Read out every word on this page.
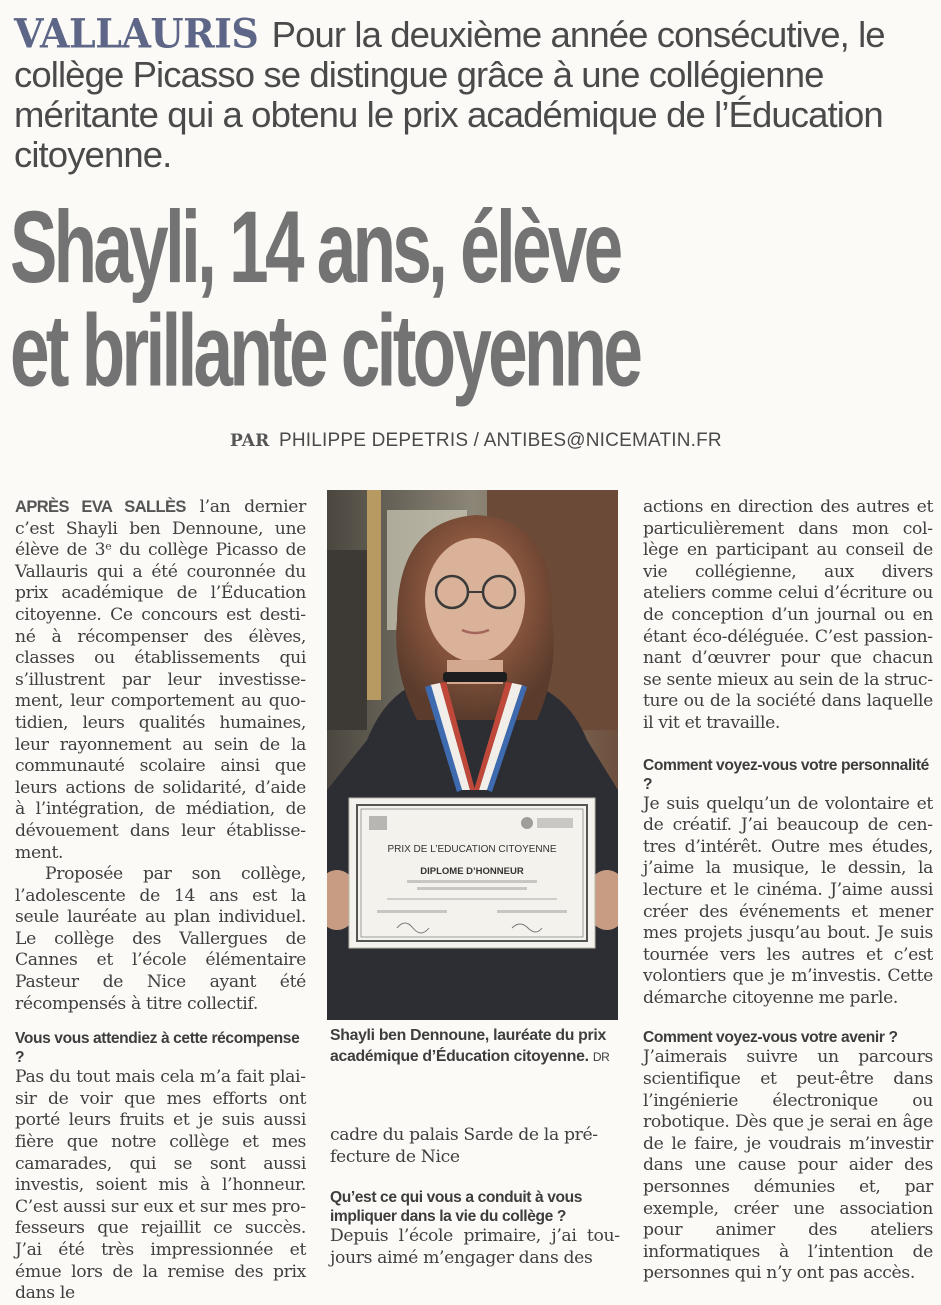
VALLAURIS Pour la deuxième année consécutive, le collège Picasso se distingue grâce à une collégienne méritante qui a obtenu le prix académique de l’Éducation citoyenne.
Shayli, 14 ans, élève
et brillante citoyenne
PAR PHILIPPE DEPETRIS / ANTIBES@NICEMATIN.FR

APRÈS EVA SALLÈS l’an dernier c’est Shayli ben Dennoune, une élève de 3ᵉ du collège Picasso de Vallauris qui a été couronnée du prix académique de l’Éducation citoyenne. Ce concours est destiné à récompenser des élèves, classes ou établissements qui s’illustrent par leur investissement, leur comportement au quotidien, leurs qualités humaines, leur rayonnement au sein de la communauté scolaire ainsi que leurs actions de solidarité, d’aide à l’intégration, de médiation, de dévouement dans leur établissement.

Proposée par son collège, l’adolescente de 14 ans est la seule lauréate au plan individuel. Le collège des Vallergues de Cannes et l’école élémentaire Pasteur de Nice ayant été récompensés à titre collectif.

Vous vous attendiez à cette récompense ?

Pas du tout mais cela m’a fait plaisir de voir que mes efforts ont porté leurs fruits et je suis aussi fière que notre collège et mes camarades, qui se sont aussi investis, soient mis à l’honneur. C’est aussi sur eux et sur mes professeurs que rejaillit ce succès. J’ai été très impressionnée et émue lors de la remise des prix dans le

PRIX DE L’EDUCATION CITOYENNE
DIPLOME D’HONNEUR
Shayli ben Dennoune, lauréate du prix académique d’Éducation citoyenne. DR

cadre du palais Sarde de la préfecture de Nice

Qu’est ce qui vous a conduit à vous impliquer dans la vie du collège ?

Depuis l’école primaire, j’ai toujours aimé m’engager dans des

actions en direction des autres et particulièrement dans mon collège en participant au conseil de vie collégienne, aux divers ateliers comme celui d’écriture ou de conception d’un journal ou en étant éco-déléguée. C’est passionnant d’œuvrer pour que chacun se sente mieux au sein de la structure ou de la société dans laquelle il vit et travaille.

Comment voyez-vous votre personnalité ?

Je suis quelqu’un de volontaire et de créatif. J’ai beaucoup de centres d’intérêt. Outre mes études, j’aime la musique, le dessin, la lecture et le cinéma. J’aime aussi créer des événements et mener mes projets jusqu’au bout. Je suis tournée vers les autres et c’est volontiers que je m’investis. Cette démarche citoyenne me parle.

Comment voyez-vous votre avenir ?

J’aimerais suivre un parcours scientifique et peut-être dans l’ingénierie électronique ou robotique. Dès que je serai en âge de le faire, je voudrais m’investir dans une cause pour aider des personnes démunies et, par exemple, créer une association pour animer des ateliers informatiques à l’intention de personnes qui n’y ont pas accès.
